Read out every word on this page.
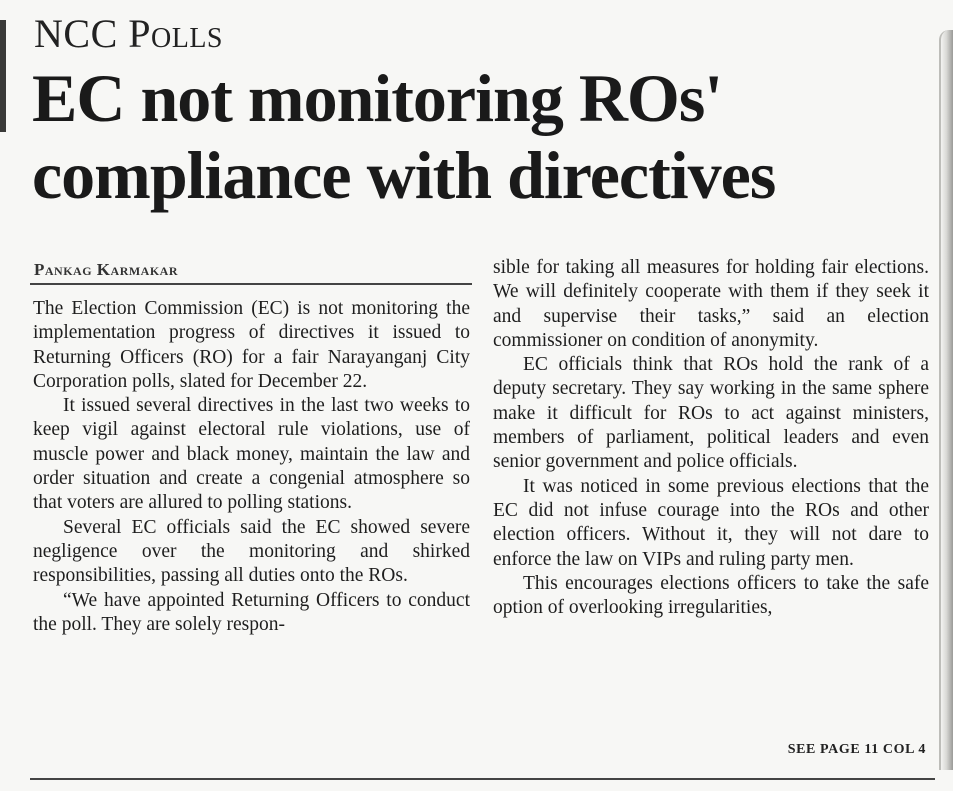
NCC Polls
EC not monitoring ROs' compliance with directives
Pankag Karmakar

The Election Commission (EC) is not monitoring the implementation progress of directives it issued to Returning Officers (RO) for a fair Narayanganj City Corporation polls, slated for December 22.

It issued several directives in the last two weeks to keep vigil against electoral rule violations, use of muscle power and black money, maintain the law and order situation and create a congenial atmosphere so that voters are allured to polling stations.

Several EC officials said the EC showed severe negligence over the monitoring and shirked responsibilities, passing all duties onto the ROs.

“We have appointed Returning Officers to conduct the poll. They are solely respon-

sible for taking all measures for holding fair elections. We will definitely cooperate with them if they seek it and supervise their tasks,” said an election commissioner on condition of anonymity.

EC officials think that ROs hold the rank of a deputy secretary. They say working in the same sphere make it difficult for ROs to act against ministers, members of parliament, political leaders and even senior government and police officials.

It was noticed in some previous elections that the EC did not infuse courage into the ROs and other election officers. Without it, they will not dare to enforce the law on VIPs and ruling party men.

This encourages elections officers to take the safe option of overlooking irregularities,

SEE PAGE 11 COL 4
